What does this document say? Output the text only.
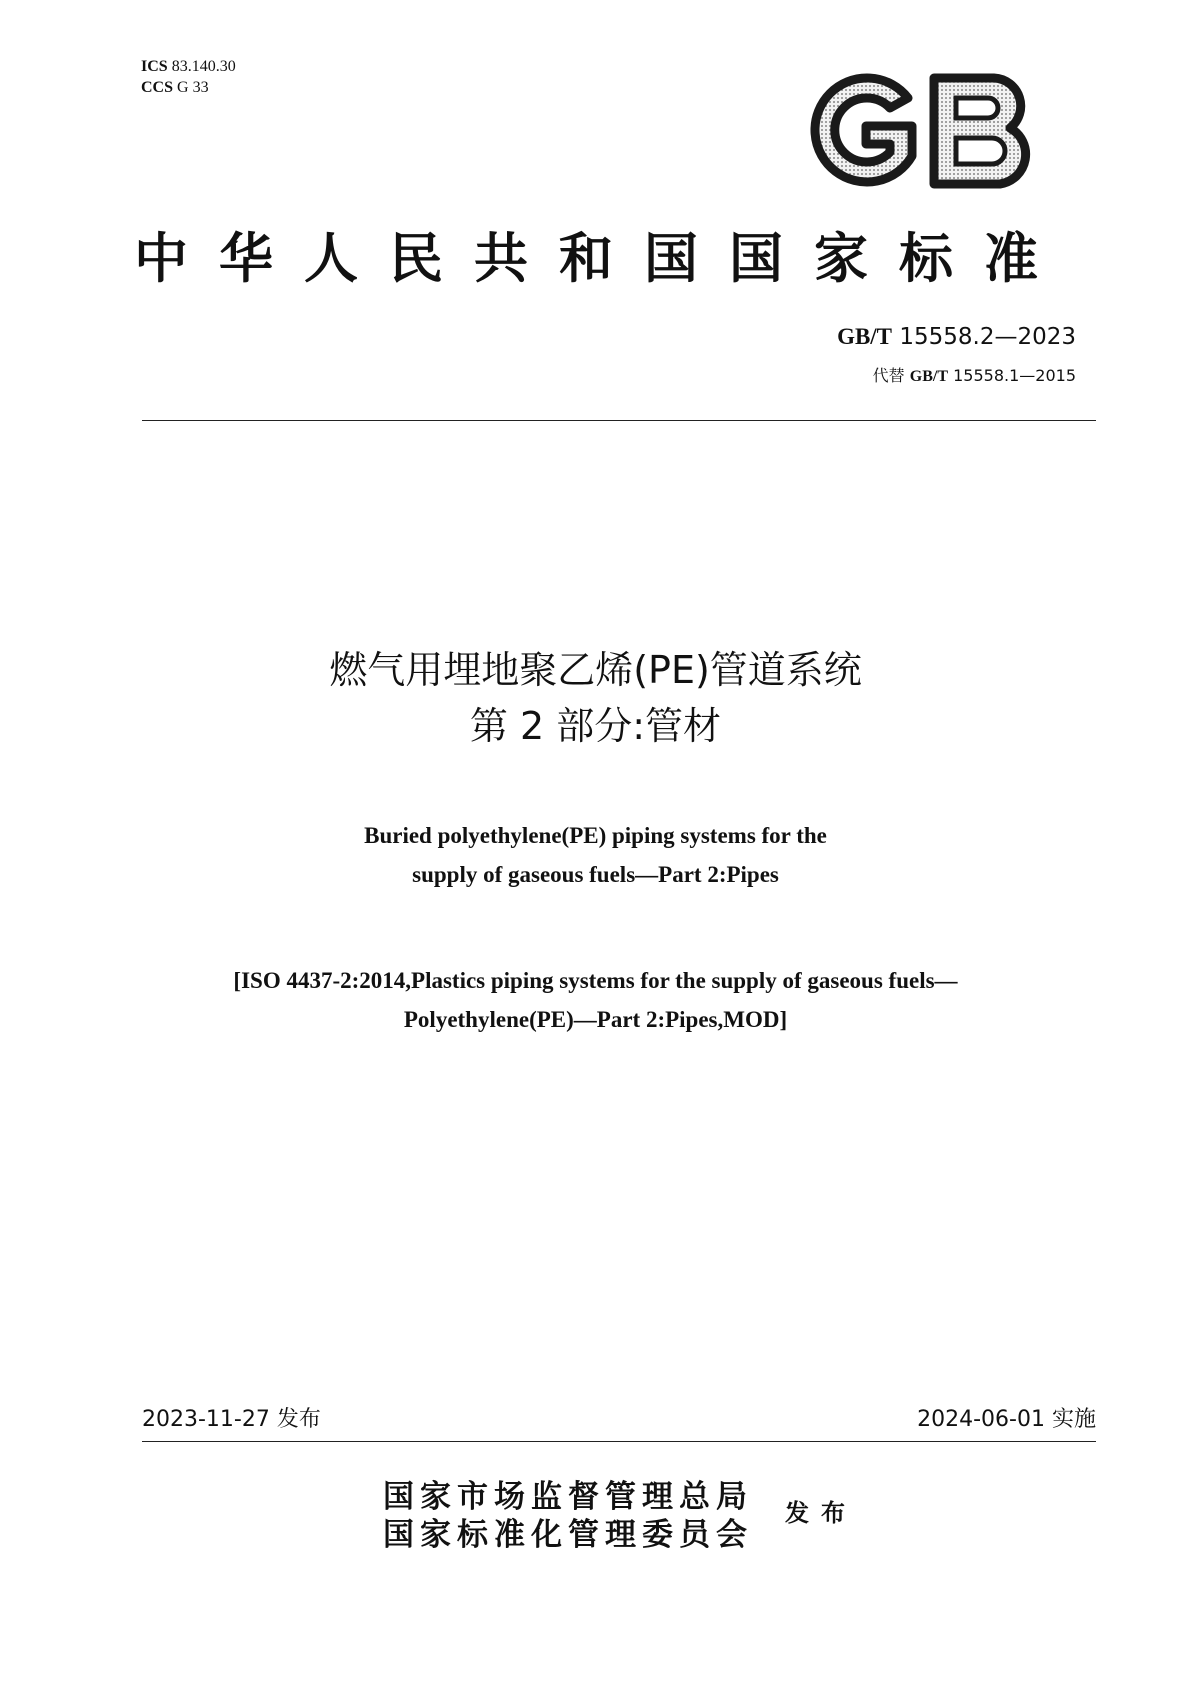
ICS 83.140.30
CCS G 33
GB
中华人民共和国国家标准
GB/T 15558.2—2023
代替 GB/T 15558.1—2015
燃气用埋地聚乙烯(PE)管道系统
第 2 部分:管材
Buried polyethylene(PE) piping systems for the
supply of gaseous fuels—Part 2:Pipes
[ISO 4437-2:2014,Plastics piping systems for the supply of gaseous fuels—
Polyethylene(PE)—Part 2:Pipes,MOD]
2023-11-27 发布	2024-06-01 实施
国家市场监督管理总局
国家标准化管理委员会
发布
